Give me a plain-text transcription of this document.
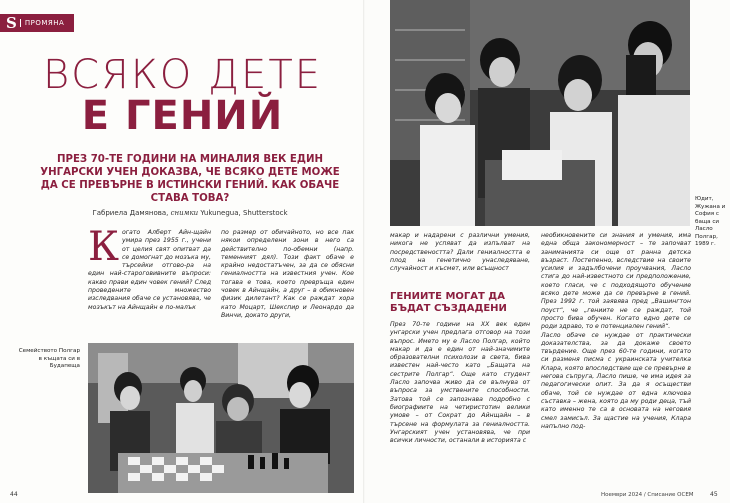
S	ПРОМЯНА
ВСЯКО ДЕТЕ
Е ГЕНИЙ
ПРЕЗ 70-ТЕ ГОДИНИ НА МИНАЛИЯ ВЕК ЕДИН УНГАРСКИ УЧЕН ДОКАЗВА, ЧЕ ВСЯКО ДЕТЕ МОЖЕ ДА СЕ ПРЕВЪРНЕ В ИСТИНСКИ ГЕНИЙ. КАК ОБАЧЕ СТАВА ТОВА?
Габриела Дамянова, снимки Yukunegua, Shutterstock
Когато Алберт Айн-щайн умира през 1955 г., учени от целия свят опитват да се домогнат до мозъка му, търсейки отгово-ра на един най-староговивните въпроси: какво прави един човек гений? След проведените множество изследвания обаче се установява, че мозъкът на Айнщайн е по-малък
по размер от обичайното, но все пак някои определени зони в него са действително по-обемни (напр. теменният дял). Този факт обаче е крайно недостатъчен, за да се обясни гениалността на известния учен. Кое тогава е това, което превръща един човек в Айнщайн, а друг – в обикновен физик дилетант? Как се раждат хора като Моцарт, Шекспир и Леонардо да Винчи, докато други,
Семейството Полгар в къщата си в Будапеща
44
Юдит, Жужана и София с баща си Ласло Полгар, 1989 г.
макар и надарени с различни умения, никога не успяват да изпълват на посредствеността? Дали гениалността е плод на генетично унаследяване, случайност и късмет, или всъщност
ГЕНИИТЕ МОГАТ ДА БЪДАТ СЪЗДАДЕНИ
През 70-те години на XX век един унгарски учен предлага отговор на този въпрос. Името му е Ласло Полгар, който макар и да е един от най-значимите образователни психолози в света, бива известен най-често като „Бащата на сестрите Полгар“. Още като студент Ласло започва живо да се вълнува от въпроса за умствените способности. Затова той се запознава подробно с биографиите на четиристотин велики умове – от Сократ до Айнщайн – в търсене на формулата за гениалността. Унгарският учен установява, че при всички личности, останали в историята с
необикновените си знания и умения, има една обща закономерност – те започват заниманията си още от ранна детска възраст. Постепенно, вследствие на своите усилия и задълбочени проучвания, Ласло стига до най-известното си предположение, което гласи, че с подходящото обучение всяко дете може да се превърне в гений. През 1992 г. той заявява пред „Вашингтон поуст“, че „гениите не се раждат, той просто бива обучен. Когато едно дете се роди здраво, то е потенциален гений“.
Ласло обаче се нуждае от практически доказателства, за да докаже своето твърдение. Още през 60-те години, когато си разменя писма с украинската учителка Клара, която впоследствие ще се превърне в негова съпруга, Ласло пише, че има идея за педагогически опит. За да я осъществи обаче, той се нуждае от една ключова съставка – жена, която да му роди деца, тъй като именно те са в основата на неговия смел замисъл. За щастие на учения, Клара напълно под-
Ноември 2024 / Списание ОСЕМ	45
